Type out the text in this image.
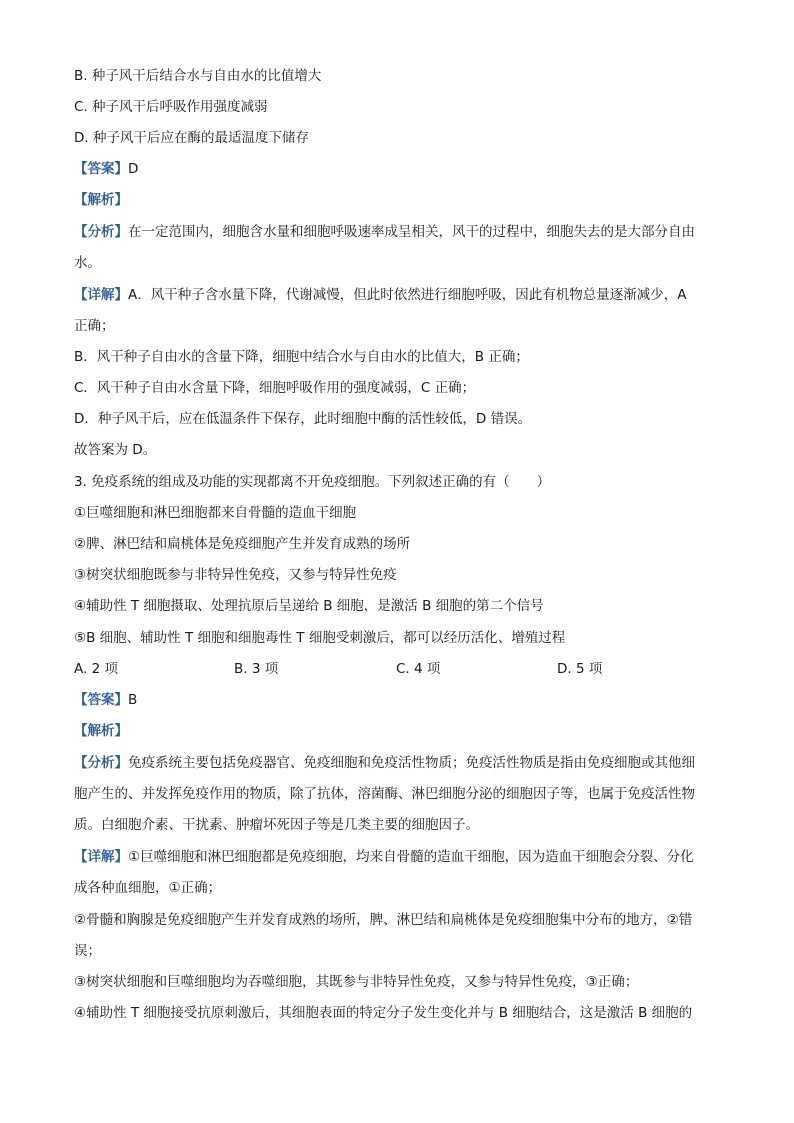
B. 种子风干后结合水与自由水的比值增大
C. 种子风干后呼吸作用强度减弱
D. 种子风干后应在酶的最适温度下储存
【答案】D
【解析】
【分析】在一定范围内，细胞含水量和细胞呼吸速率成呈相关，风干的过程中，细胞失去的是大部分自由
水。
【详解】A．风干种子含水量下降，代谢减慢，但此时依然进行细胞呼吸，因此有机物总量逐渐减少，A
正确；
B．风干种子自由水的含量下降，细胞中结合水与自由水的比值大，B 正确；
C．风干种子自由水含量下降，细胞呼吸作用的强度减弱，C 正确；
D．种子风干后，应在低温条件下保存，此时细胞中酶的活性较低，D 错误。
故答案为 D。
3. 免疫系统的组成及功能的实现都离不开免疫细胞。下列叙述正确的有（　　）
①巨噬细胞和淋巴细胞都来自骨髓的造血干细胞
②脾、淋巴结和扁桃体是免疫细胞产生并发育成熟的场所
③树突状细胞既参与非特异性免疫，又参与特异性免疫
④辅助性 T 细胞摄取、处理抗原后呈递给 B 细胞，是激活 B 细胞的第二个信号
⑤B 细胞、辅助性 T 细胞和细胞毒性 T 细胞受刺激后，都可以经历活化、增殖过程
A. 2 项	B. 3 项	C. 4 项	D. 5 项
【答案】B
【解析】
【分析】免疫系统主要包括免疫器官、免疫细胞和免疫活性物质；免疫活性物质是指由免疫细胞或其他细
胞产生的、并发挥免疫作用的物质，除了抗体，溶菌酶、淋巴细胞分泌的细胞因子等，也属于免疫活性物
质。白细胞介素、干扰素、肿瘤坏死因子等是几类主要的细胞因子。
【详解】①巨噬细胞和淋巴细胞都是免疫细胞，均来自骨髓的造血干细胞，因为造血干细胞会分裂、分化
成各种血细胞，①正确；
②骨髓和胸腺是免疫细胞产生并发育成熟的场所，脾、淋巴结和扁桃体是免疫细胞集中分布的地方，②错
误；
③树突状细胞和巨噬细胞均为吞噬细胞，其既参与非特异性免疫，又参与特异性免疫，③正确；
④辅助性 T 细胞接受抗原刺激后，其细胞表面的特定分子发生变化并与 B 细胞结合，这是激活 B 细胞的
